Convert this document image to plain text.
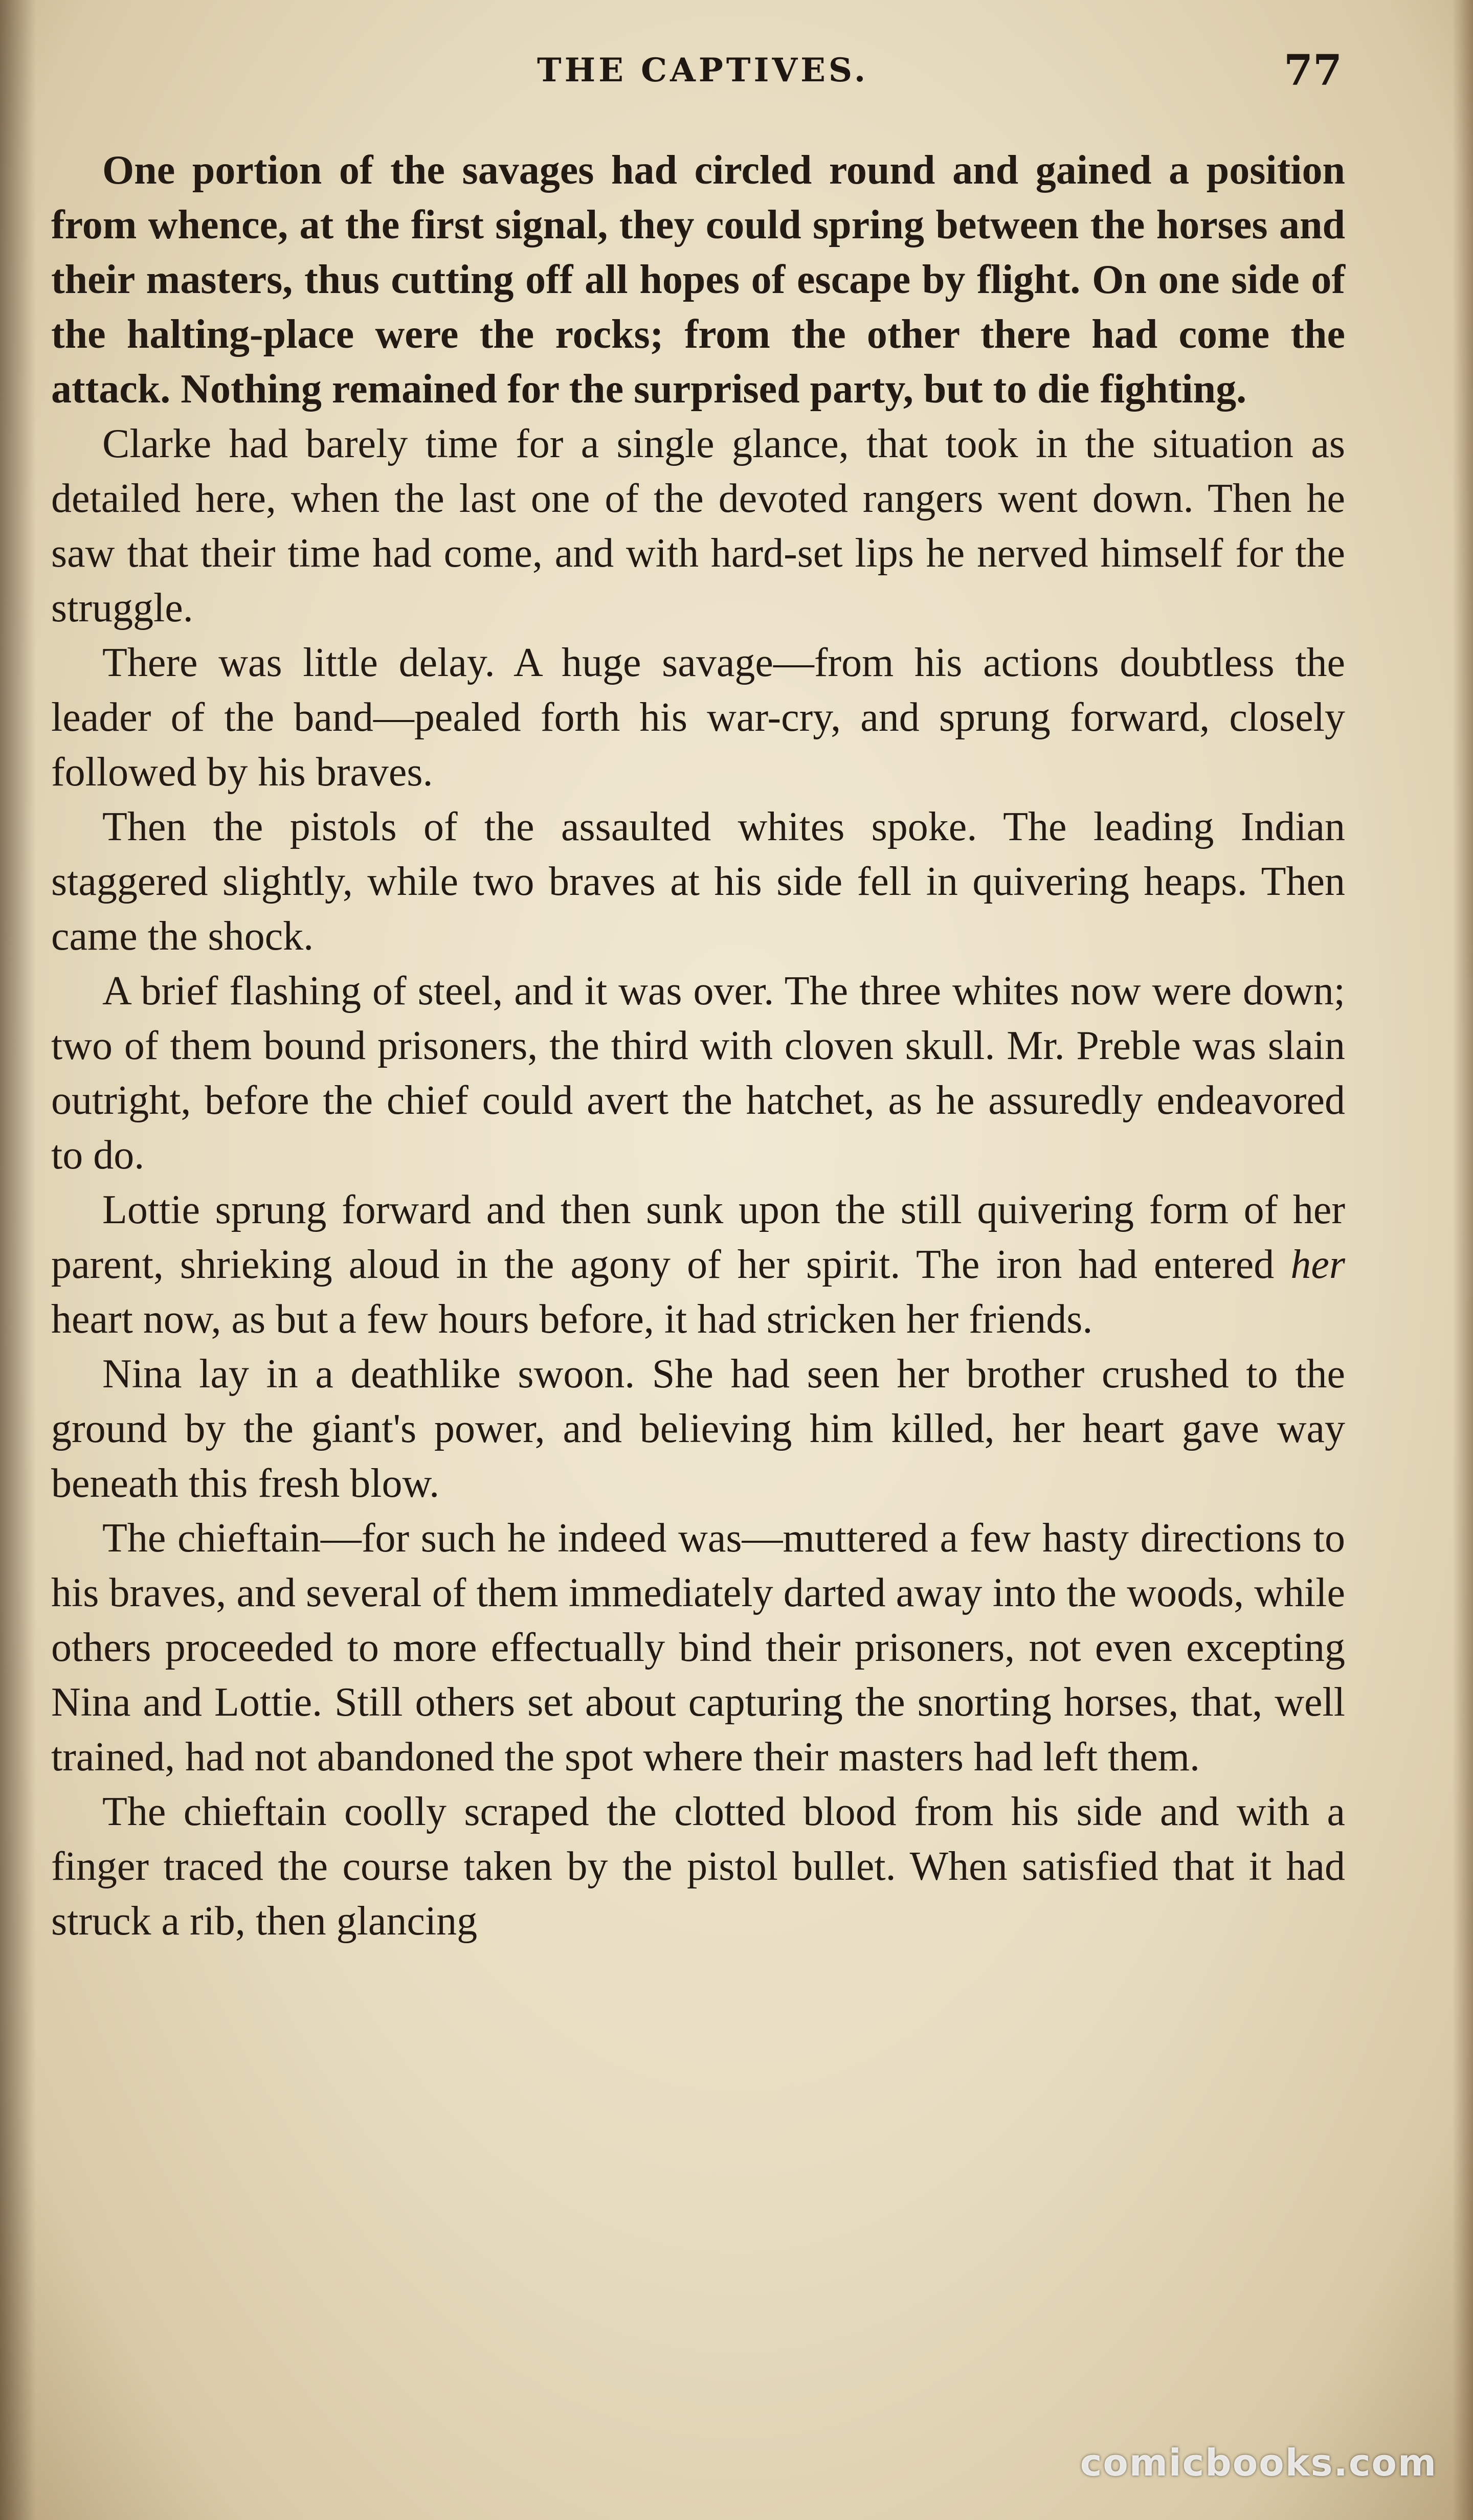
THE CAPTIVES.	77

One portion of the savages had circled round and gained a position from whence, at the first signal, they could spring between the horses and their masters, thus cutting off all hopes of escape by flight. On one side of the halting-place were the rocks; from the other there had come the attack. Nothing remained for the surprised party, but to die fighting.

Clarke had barely time for a single glance, that took in the situation as detailed here, when the last one of the devoted rangers went down. Then he saw that their time had come, and with hard-set lips he nerved himself for the struggle.

There was little delay. A huge savage—from his actions doubtless the leader of the band—pealed forth his war-cry, and sprung forward, closely followed by his braves.

Then the pistols of the assaulted whites spoke. The leading Indian staggered slightly, while two braves at his side fell in quivering heaps. Then came the shock.

A brief flashing of steel, and it was over. The three whites now were down; two of them bound prisoners, the third with cloven skull. Mr. Preble was slain outright, before the chief could avert the hatchet, as he assuredly endeavored to do.

Lottie sprung forward and then sunk upon the still quivering form of her parent, shrieking aloud in the agony of her spirit. The iron had entered her heart now, as but a few hours before, it had stricken her friends.

Nina lay in a deathlike swoon. She had seen her brother crushed to the ground by the giant's power, and believing him killed, her heart gave way beneath this fresh blow.

The chieftain—for such he indeed was—muttered a few hasty directions to his braves, and several of them immediately darted away into the woods, while others proceeded to more effectually bind their prisoners, not even excepting Nina and Lottie. Still others set about capturing the snorting horses, that, well trained, had not abandoned the spot where their masters had left them.

The chieftain coolly scraped the clotted blood from his side and with a finger traced the course taken by the pistol bullet. When satisfied that it had struck a rib, then glancing

comicbooks.com
